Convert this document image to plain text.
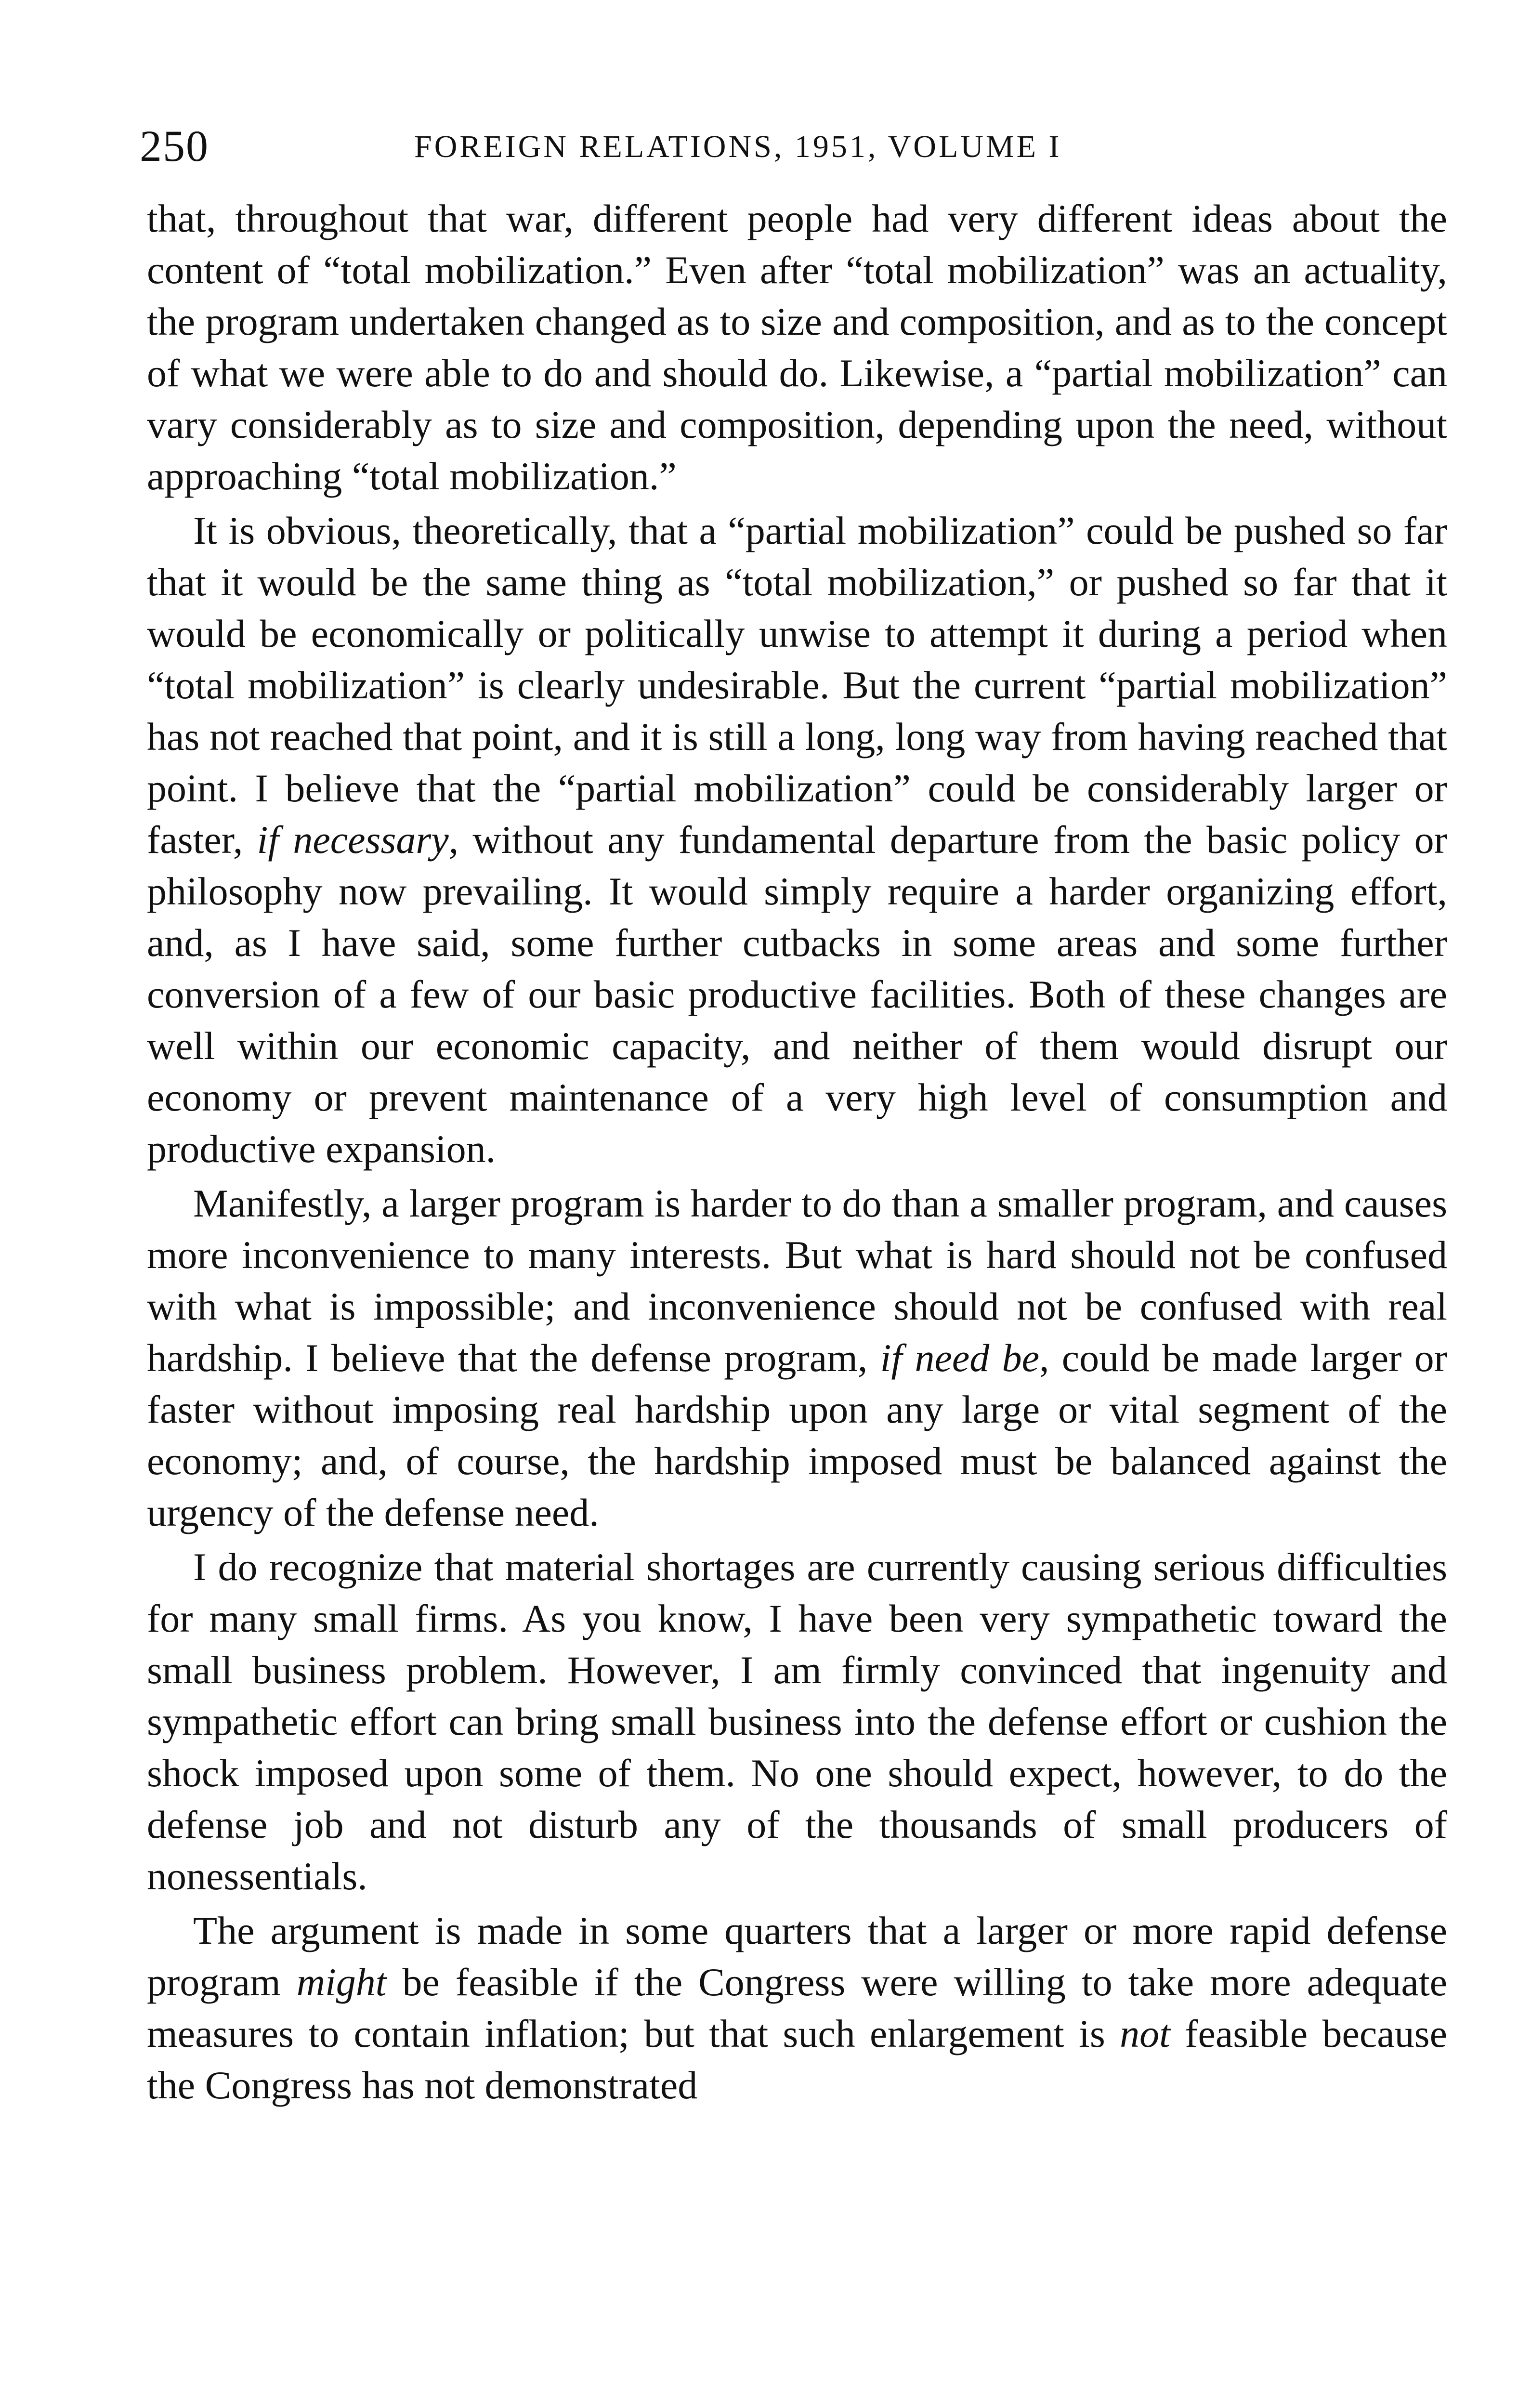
250	FOREIGN RELATIONS, 1951, VOLUME I

that, throughout that war, different people had very different ideas about the content of “total mobilization.” Even after “total mobilization” was an actuality, the program undertaken changed as to size and composition, and as to the concept of what we were able to do and should do. Likewise, a “partial mobilization” can vary considerably as to size and composition, depending upon the need, without approaching “total mobilization.”

It is obvious, theoretically, that a “partial mobilization” could be pushed so far that it would be the same thing as “total mobilization,” or pushed so far that it would be economically or politically unwise to attempt it during a period when “total mobilization” is clearly undesirable. But the current “partial mobilization” has not reached that point, and it is still a long, long way from having reached that point. I believe that the “partial mobilization” could be considerably larger or faster, if necessary, without any fundamental departure from the basic policy or philosophy now prevailing. It would simply require a harder organizing effort, and, as I have said, some further cutbacks in some areas and some further conversion of a few of our basic productive facilities. Both of these changes are well within our economic capacity, and neither of them would disrupt our economy or prevent maintenance of a very high level of consumption and productive expansion.

Manifestly, a larger program is harder to do than a smaller program, and causes more inconvenience to many interests. But what is hard should not be confused with what is impossible; and inconvenience should not be confused with real hardship. I believe that the defense program, if need be, could be made larger or faster without imposing real hardship upon any large or vital segment of the economy; and, of course, the hardship imposed must be balanced against the urgency of the defense need.

I do recognize that material shortages are currently causing serious difficulties for many small firms. As you know, I have been very sympathetic toward the small business problem. However, I am firmly convinced that ingenuity and sympathetic effort can bring small business into the defense effort or cushion the shock imposed upon some of them. No one should expect, however, to do the defense job and not disturb any of the thousands of small producers of nonessentials.

The argument is made in some quarters that a larger or more rapid defense program might be feasible if the Congress were willing to take more adequate measures to contain inflation; but that such enlargement is not feasible because the Congress has not demonstrated
